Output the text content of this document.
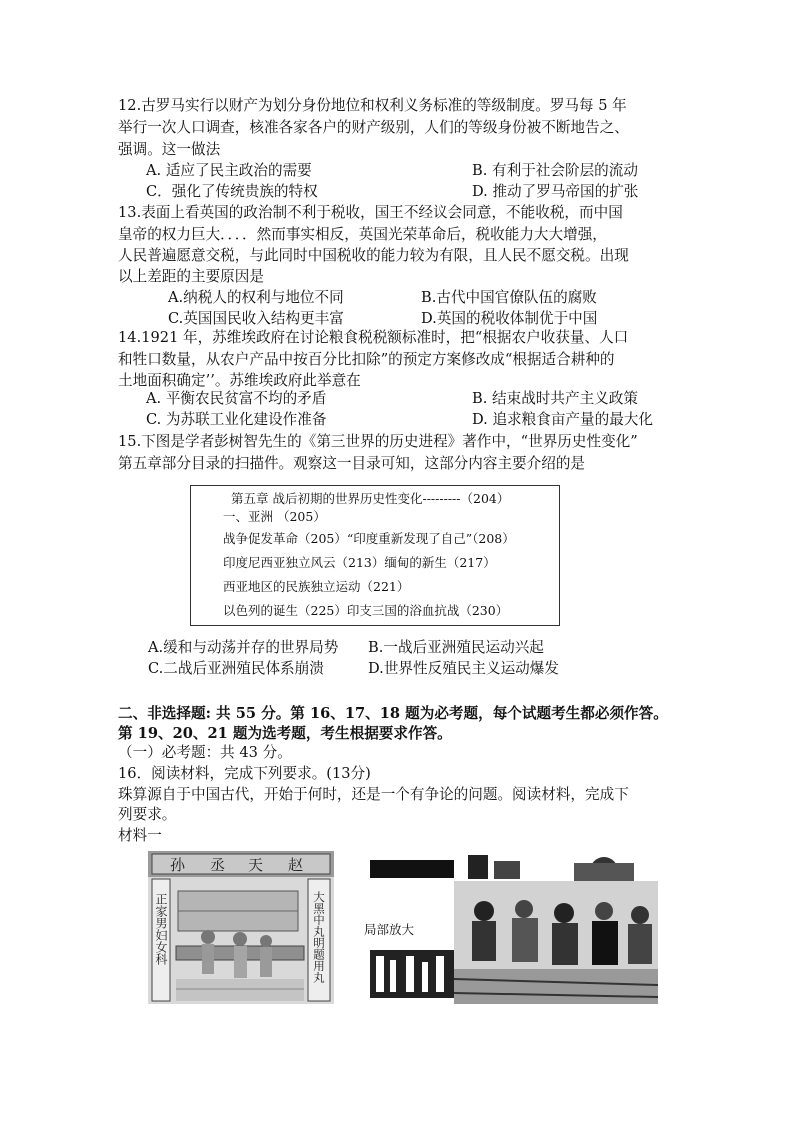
12.古罗马实行以财产为划分身份地位和权利义务标准的等级制度。罗马每 5 年
举行一次人口调查，核准各家各户的财产级别，人们的等级身份被不断地告之、
强调。这一做法
A. 适应了民主政治的需要	B. 有利于社会阶层的流动
C．强化了传统贵族的特权	D. 推动了罗马帝国的扩张
13.表面上看英国的政治制不利于税收，国王不经议会同意，不能收税，而中国
皇帝的权力巨大．．．．然而事实相反，英国光荣革命后，税收能力大大增强，
人民普遍愿意交税，与此同时中国税收的能力较为有限，且人民不愿交税。出现
以上差距的主要原因是
A.纳税人的权利与地位不同	B.古代中国官僚队伍的腐败
C.英国国民收入结构更丰富	D.英国的税收体制优于中国
14.1921 年，苏维埃政府在讨论粮食税税额标准时，把“根据农户收获量、人口
和牲口数量，从农户产品中按百分比扣除”的预定方案修改成“根据适合耕种的
土地面积确定’’。苏维埃政府此举意在
A. 平衡农民贫富不均的矛盾	B. 结束战时共产主义政策
C. 为苏联工业化建设作准备	D. 追求粮食亩产量的最大化
15.下图是学者彭树智先生的《第三世界的历史进程》著作中，“世界历史性变化”
第五章部分目录的扫描件。观察这一目录可知，这部分内容主要介绍的是
第五章 战后初期的世界历史性变化---------（204）
一、亚洲 （205）
战争促发革命（205）“印度重新发现了自己”（208）
印度尼西亚独立风云（213）缅甸的新生（217）
西亚地区的民族独立运动（221）
以色列的诞生（225）印支三国的浴血抗战（230）
A.缓和与动荡并存的世界局势 B.一战后亚洲殖民运动兴起
C.二战后亚洲殖民体系崩溃	D.世界性反殖民主义运动爆发
二、非选择题: 共 55 分。第 16、17、18 题为必考题，每个试题考生都必须作答。
第 19、20、21 题为选考题，考生根据要求作答。
（一）必考题：共 43 分。
16．阅读材料，完成下列要求。(13分)
珠算源自于中国古代，开始于何时，还是一个有争论的问题。阅读材料，完成下
列要求。
材料一
孙 丞 天 赵
正家男妇女科	大黑中丸明题用丸	局部放大
